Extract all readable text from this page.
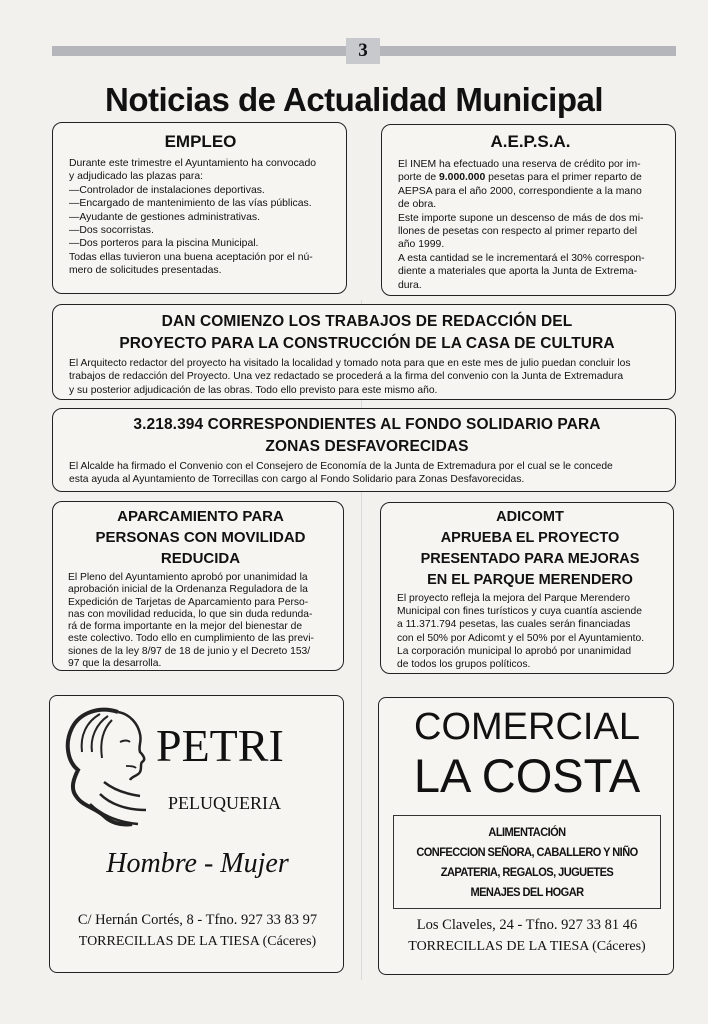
3
Noticias de Actualidad Municipal
EMPLEO

Durante este trimestre el Ayuntamiento ha convocado

y adjudicado las plazas para:

—Controlador de instalaciones deportivas.

—Encargado de mantenimiento de las vías públicas.

—Ayudante de gestiones administrativas.

—Dos socorristas.

—Dos porteros para la piscina Municipal.

Todas ellas tuvieron una buena aceptación por el nú-

mero de solicitudes presentadas.

A.E.P.S.A.

El INEM ha efectuado una reserva de crédito por im-

porte de 9.000.000 pesetas para el primer reparto de

AEPSA para el año 2000, correspondiente a la mano

de obra.

Este importe supone un descenso de más de dos mi-

llones de pesetas con respecto al primer reparto del

año 1999.

A esta cantidad se le incrementará el 30% correspon-

diente a materiales que aporta la Junta de Extrema-

dura.

DAN COMIENZO LOS TRABAJOS DE REDACCIÓN DEL
PROYECTO PARA LA CONSTRUCCIÓN DE LA CASA DE CULTURA

El Arquitecto redactor del proyecto ha visitado la localidad y tomado nota para que en este mes de julio puedan concluir los

trabajos de redacción del Proyecto. Una vez redactado se procederá a la firma del convenio con la Junta de Extremadura

y su posterior adjudicación de las obras. Todo ello previsto para este mismo año.

3.218.394 CORRESPONDIENTES AL FONDO SOLIDARIO PARA
ZONAS DESFAVORECIDAS

El Alcalde ha firmado el Convenio con el Consejero de Economía de la Junta de Extremadura por el cual se le concede

esta ayuda al Ayuntamiento de Torrecillas con cargo al Fondo Solidario para Zonas Desfavorecidas.

APARCAMIENTO PARA
PERSONAS CON MOVILIDAD
REDUCIDA

El Pleno del Ayuntamiento aprobó por unanimidad la

aprobación inicial de la Ordenanza Reguladora de la

Expedición de Tarjetas de Aparcamiento para Perso-

nas con movilidad reducida, lo que sin duda redunda-

rá de forma importante en la mejor del bienestar de

este colectivo. Todo ello en cumplimiento de las previ-

siones de la ley 8/97 de 18 de junio y el Decreto 153/

97 que la desarrolla.

ADICOMT
APRUEBA EL PROYECTO
PRESENTADO PARA MEJORAS
EN EL PARQUE MERENDERO

El proyecto refleja la mejora del Parque Merendero

Municipal con fines turísticos y cuya cuantía asciende

a 11.371.794 pesetas, las cuales serán financiadas

con el 50% por Adicomt y el 50% por el Ayuntamiento.

La corporación municipal lo aprobó por unanimidad

de todos los grupos políticos.

PETRI
PELUQUERIA
Hombre - Mujer
C/ Hernán Cortés, 8 - Tfno. 927 33 83 97
TORRECILLAS DE LA TIESA (Cáceres)
COMERCIAL
LA COSTA
ALIMENTACIÓN
CONFECCION SEÑORA, CABALLERO Y NIÑO
ZAPATERIA, REGALOS, JUGUETES
MENAJES DEL HOGAR
Los Claveles, 24 - Tfno. 927 33 81 46
TORRECILLAS DE LA TIESA (Cáceres)
